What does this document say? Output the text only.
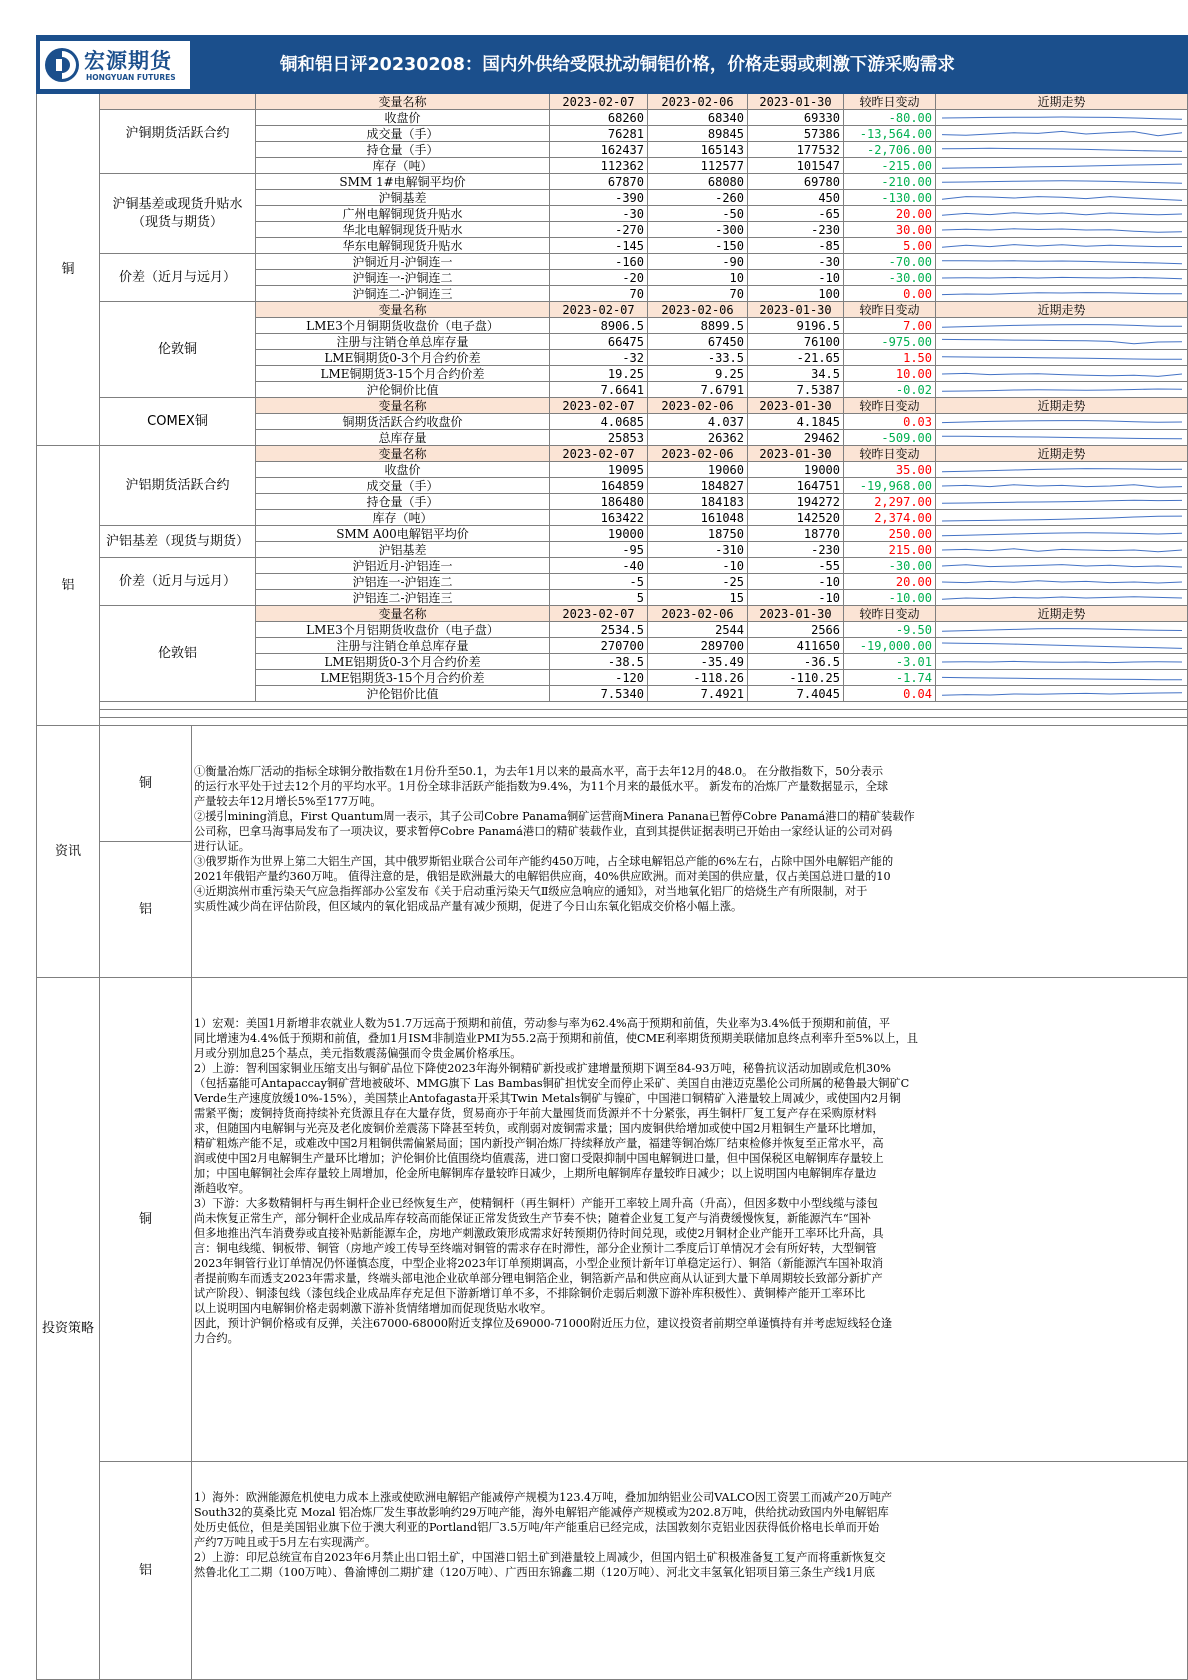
宏源期货
HONGYUAN FUTURES
铜和铝日评20230208：国内外供给受限扰动铜铝价格，价格走弱或刺激下游采购需求
铜
铝
沪铜期货活跃合约
沪铜基差或现货升贴水（现货与期货）
价差（近月与远月）
伦敦铜
COMEX铜
沪铝期货活跃合约
沪铝基差（现货与期货）
价差（近月与远月）
伦敦铝
变量名称	2023-02-07	2023-02-06	2023-01-30	较昨日变动	近期走势
变量名称	2023-02-07	2023-02-06	2023-01-30	较昨日变动	近期走势
变量名称	2023-02-07	2023-02-06	2023-01-30	较昨日变动	近期走势
变量名称	2023-02-07	2023-02-06	2023-01-30	较昨日变动	近期走势
变量名称	2023-02-07	2023-02-06	2023-01-30	较昨日变动	近期走势
收盘价	68260	68340	69330	-80.00
成交量（手）	76281	89845	57386	-13,564.00
持仓量（手）	162437	165143	177532	-2,706.00
库存（吨）	112362	112577	101547	-215.00
SMM 1#电解铜平均价	67870	68080	69780	-210.00
沪铜基差	-390	-260	450	-130.00
广州电解铜现货升贴水	-30	-50	-65	20.00
华北电解铜现货升贴水	-270	-300	-230	30.00
华东电解铜现货升贴水	-145	-150	-85	5.00
沪铜近月-沪铜连一	-160	-90	-30	-70.00
沪铜连一-沪铜连二	-20	10	-10	-30.00
沪铜连二-沪铜连三	70	70	100	0.00
LME3个月铜期货收盘价（电子盘）	8906.5	8899.5	9196.5	7.00
注册与注销仓单总库存量	66475	67450	76100	-975.00
LME铜期货0-3个月合约价差	-32	-33.5	-21.65	1.50
LME铜期货3-15个月合约价差	19.25	9.25	34.5	10.00
沪伦铜价比值	7.6641	7.6791	7.5387	-0.02
铜期货活跃合约收盘价	4.0685	4.037	4.1845	0.03
总库存量	25853	26362	29462	-509.00
收盘价	19095	19060	19000	35.00
成交量（手）	164859	184827	164751	-19,968.00
持仓量（手）	186480	184183	194272	2,297.00
库存（吨）	163422	161048	142520	2,374.00
SMM A00电解铝平均价	19000	18750	18770	250.00
沪铝基差	-95	-310	-230	215.00
沪铝近月-沪铝连一	-40	-10	-55	-30.00
沪铝连一-沪铝连二	-5	-25	-10	20.00
沪铝连二-沪铝连三	5	15	-10	-10.00
LME3个月铝期货收盘价（电子盘）	2534.5	2544	2566	-9.50
注册与注销仓单总库存量	270700	289700	411650	-19,000.00
LME铝期货0-3个月合约价差	-38.5	-35.49	-36.5	-3.01
LME铝期货3-15个月合约价差	-120	-118.26	-110.25	-1.74
沪伦铝价比值	7.5340	7.4921	7.4045	0.04
资讯
铜
铝

①衡量冶炼厂活动的指标全球铜分散指数在1月份升至50.1，为去年1月以来的最高水平，高于去年12月的48.0。 在分散指数下，50分表示

的运行水平处于过去12个月的平均水平。1月份全球非活跃产能指数为9.4%，为11个月来的最低水平。 新发布的冶炼厂产量数据显示，全球

产量较去年12月增长5%至177万吨。

②援引mining消息，First Quantum周一表示，其子公司Cobre Panama铜矿运营商Minera Panana已暂停Cobre Panamá港口的精矿装载作

公司称，巴拿马海事局发布了一项决议，要求暂停Cobre Panamá港口的精矿装载作业，直到其提供证据表明已开始由一家经认证的公司对码

进行认证。

③俄罗斯作为世界上第二大铝生产国，其中俄罗斯铝业联合公司年产能约450万吨，占全球电解铝总产能的6%左右，占除中国外电解铝产能的

2021年俄铝产量约360万吨。 值得注意的是，俄铝是欧洲最大的电解铝供应商，40%供应欧洲。而对美国的供应量，仅占美国总进口量的10

④近期滨州市重污染天气应急指挥部办公室发布《关于启动重污染天气Ⅱ级应急响应的通知》，对当地氧化铝厂的焙烧生产有所限制，对于

实质性减少尚在评估阶段，但区域内的氧化铝成品产量有减少预期，促进了今日山东氧化铝成交价格小幅上涨。

投资策略
铜
铝

1）宏观：美国1月新增非农就业人数为51.7万远高于预期和前值，劳动参与率为62.4%高于预期和前值，失业率为3.4%低于预期和前值，平

同比增速为4.4%低于预期和前值，叠加1月ISM非制造业PMI为55.2高于预期和前值，使CME利率期货预期美联储加息终点利率升至5%以上，且

月或分别加息25个基点，美元指数震荡偏强而令贵金属价格承压。

2）上游：智利国家铜业压缩支出与铜矿品位下降使2023年海外铜精矿新投或扩建增量预期下调至84-93万吨，秘鲁抗议活动加剧或危机30%

（包括嘉能可Antapaccay铜矿营地被破坏、MMG旗下 Las Bambas铜矿担忧安全而停止采矿、美国自由港迈克墨伦公司所属的秘鲁最大铜矿C

Verde生产速度放缓10%-15%），美国禁止Antofagasta开采其Twin Metals铜矿与镍矿，中国港口铜精矿入港量较上周减少，或使国内2月铜

需紧平衡；废铜持货商持续补充货源且存在大量存货，贸易商亦于年前大量囤货而货源并不十分紧张，再生铜杆厂复工复产存在采购原材料

求，但随国内电解铜与光亮及老化废铜价差震荡下降甚至转负，或削弱对废铜需求量；国内废铜供给增加或使中国2月粗铜生产量环比增加，

精矿粗炼产能不足，或难改中国2月粗铜供需偏紧局面；国内新投产铜冶炼厂持续释放产量，福建等铜冶炼厂结束检修并恢复至正常水平，高

润或使中国2月电解铜生产量环比增加；沪伦铜价比值围绕均值震荡，进口窗口受限抑制中国电解铜进口量，但中国保税区电解铜库存量较上

加；中国电解铜社会库存量较上周增加，伦金所电解铜库存量较昨日减少，上期所电解铜库存量较昨日减少；以上说明国内电解铜库存量边

渐趋收窄。

3）下游：大多数精铜杆与再生铜杆企业已经恢复生产，使精铜杆（再生铜杆）产能开工率较上周升高（升高），但因多数中小型线缆与漆包

尚未恢复正常生产，部分铜杆企业成品库存较高而能保证正常发货致生产节奏不快；随着企业复工复产与消费缓慢恢复，新能源汽车“国补

但多地推出汽车消费券或直接补贴新能源车企，房地产刺激政策形成需求好转预期仍待时间兑现，或使2月铜材企业产能开工率环比升高，具

言：铜电线缆、铜板带、铜管（房地产竣工传导至终端对铜管的需求存在时滞性，部分企业预计二季度后订单情况才会有所好转，大型铜管

2023年铜管行业订单情况仍怀谨慎态度，中型企业将2023年订单预期调高，小型企业预计新年订单稳定运行）、铜箔（新能源汽车国补取消

者提前购车而透支2023年需求量，终端头部电池企业砍单部分锂电铜箔企业，铜箔新产品和供应商从认证到大量下单周期较长致部分新扩产

试产阶段）、铜漆包线（漆包线企业成品库存充足但下游新增订单不多，不排除铜价走弱后刺激下游补库积极性）、黄铜棒产能开工率环比

以上说明国内电解铜价格走弱刺激下游补货情绪增加而促现货贴水收窄。

因此，预计沪铜价格或有反弹，关注67000-68000附近支撑位及69000-71000附近压力位，建议投资者前期空单谨慎持有并考虑短线轻仓逢

力合约。

1）海外：欧洲能源危机使电力成本上涨或使欧洲电解铝产能减停产规模为123.4万吨，叠加加纳铝业公司VALCO因工资罢工而减产20万吨产

South32的莫桑比克 Mozal 铝冶炼厂发生事故影响约29万吨产能，海外电解铝产能减停产规模或为202.8万吨，供给扰动致国内外电解铝库

处历史低位，但是美国铝业旗下位于澳大利亚的Portland铝厂3.5万吨/年产能重启已经完成，法国敦刻尔克铝业因获得低价格电长单而开始

产约7万吨且或于5月左右实现满产。

2）上游：印尼总统宣布自2023年6月禁止出口铝土矿，中国港口铝土矿到港量较上周减少，但国内铝土矿积极准备复工复产而将重新恢复交

然鲁北化工二期（100万吨）、鲁渝博创二期扩建（120万吨）、广西田东锦鑫二期（120万吨）、河北文丰氢氧化铝项目第三条生产线1月底
